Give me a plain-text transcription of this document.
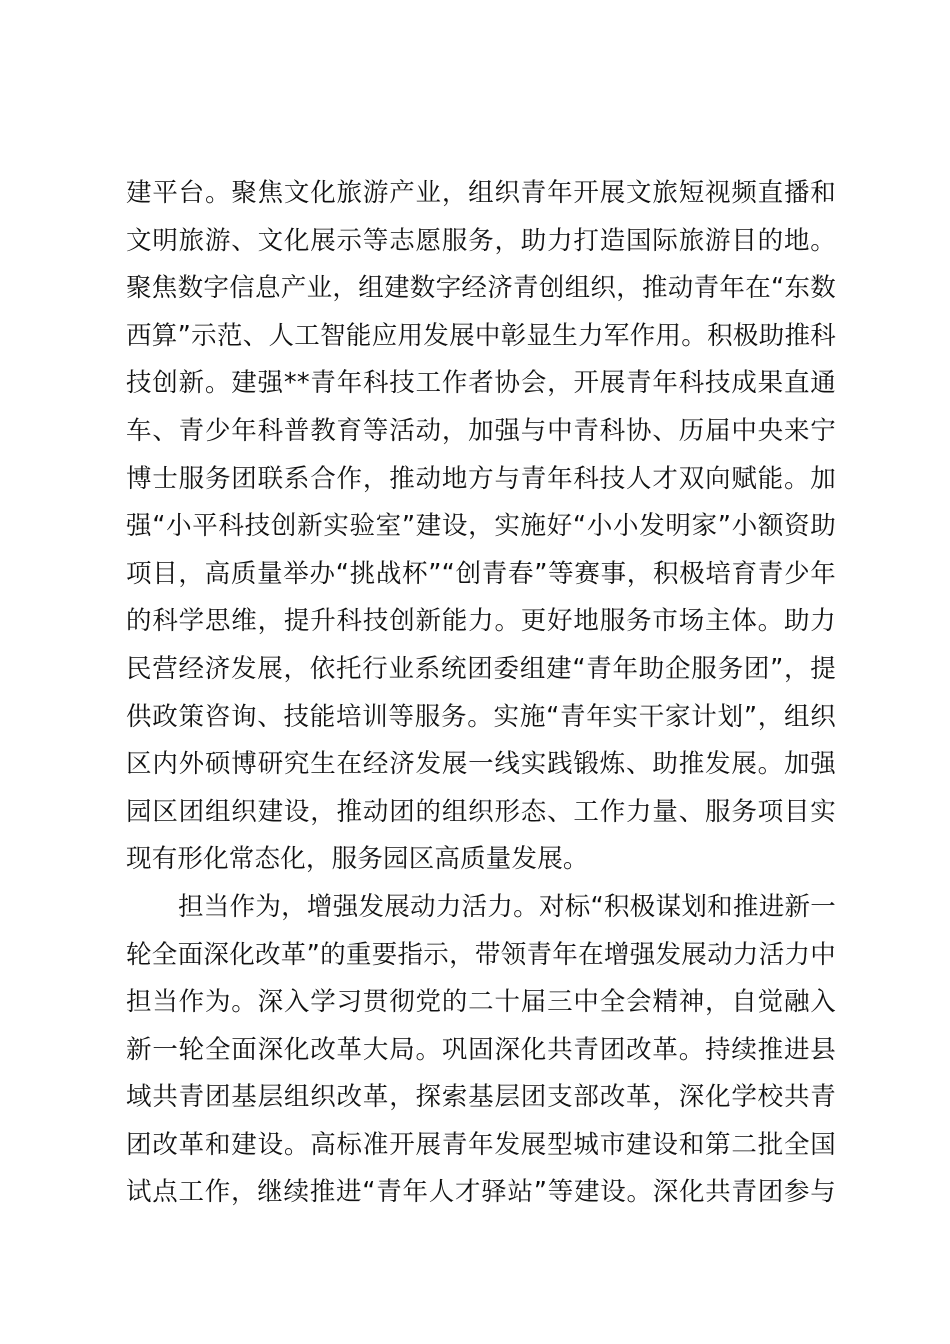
建平台。聚焦文化旅游产业，组织青年开展文旅短视频直播和
文明旅游、文化展示等志愿服务，助力打造国际旅游目的地。
聚焦数字信息产业，组建数字经济青创组织，推动青年在“东数
西算”示范、人工智能应用发展中彰显生力军作用。积极助推科
技创新。建强**青年科技工作者协会，开展青年科技成果直通
车、青少年科普教育等活动，加强与中青科协、历届中央来宁
博士服务团联系合作，推动地方与青年科技人才双向赋能。加
强“小平科技创新实验室”建设，实施好“小小发明家”小额资助
项目，高质量举办“挑战杯”“创青春”等赛事，积极培育青少年
的科学思维，提升科技创新能力。更好地服务市场主体。助力
民营经济发展，依托行业系统团委组建“青年助企服务团”，提
供政策咨询、技能培训等服务。实施“青年实干家计划”，组织
区内外硕博研究生在经济发展一线实践锻炼、助推发展。加强
园区团组织建设，推动团的组织形态、工作力量、服务项目实
现有形化常态化，服务园区高质量发展。
担当作为，增强发展动力活力。对标“积极谋划和推进新一
轮全面深化改革”的重要指示，带领青年在增强发展动力活力中
担当作为。深入学习贯彻党的二十届三中全会精神，自觉融入
新一轮全面深化改革大局。巩固深化共青团改革。持续推进县
域共青团基层组织改革，探索基层团支部改革，深化学校共青
团改革和建设。高标准开展青年发展型城市建设和第二批全国
试点工作，继续推进“青年人才驿站”等建设。深化共青团参与
